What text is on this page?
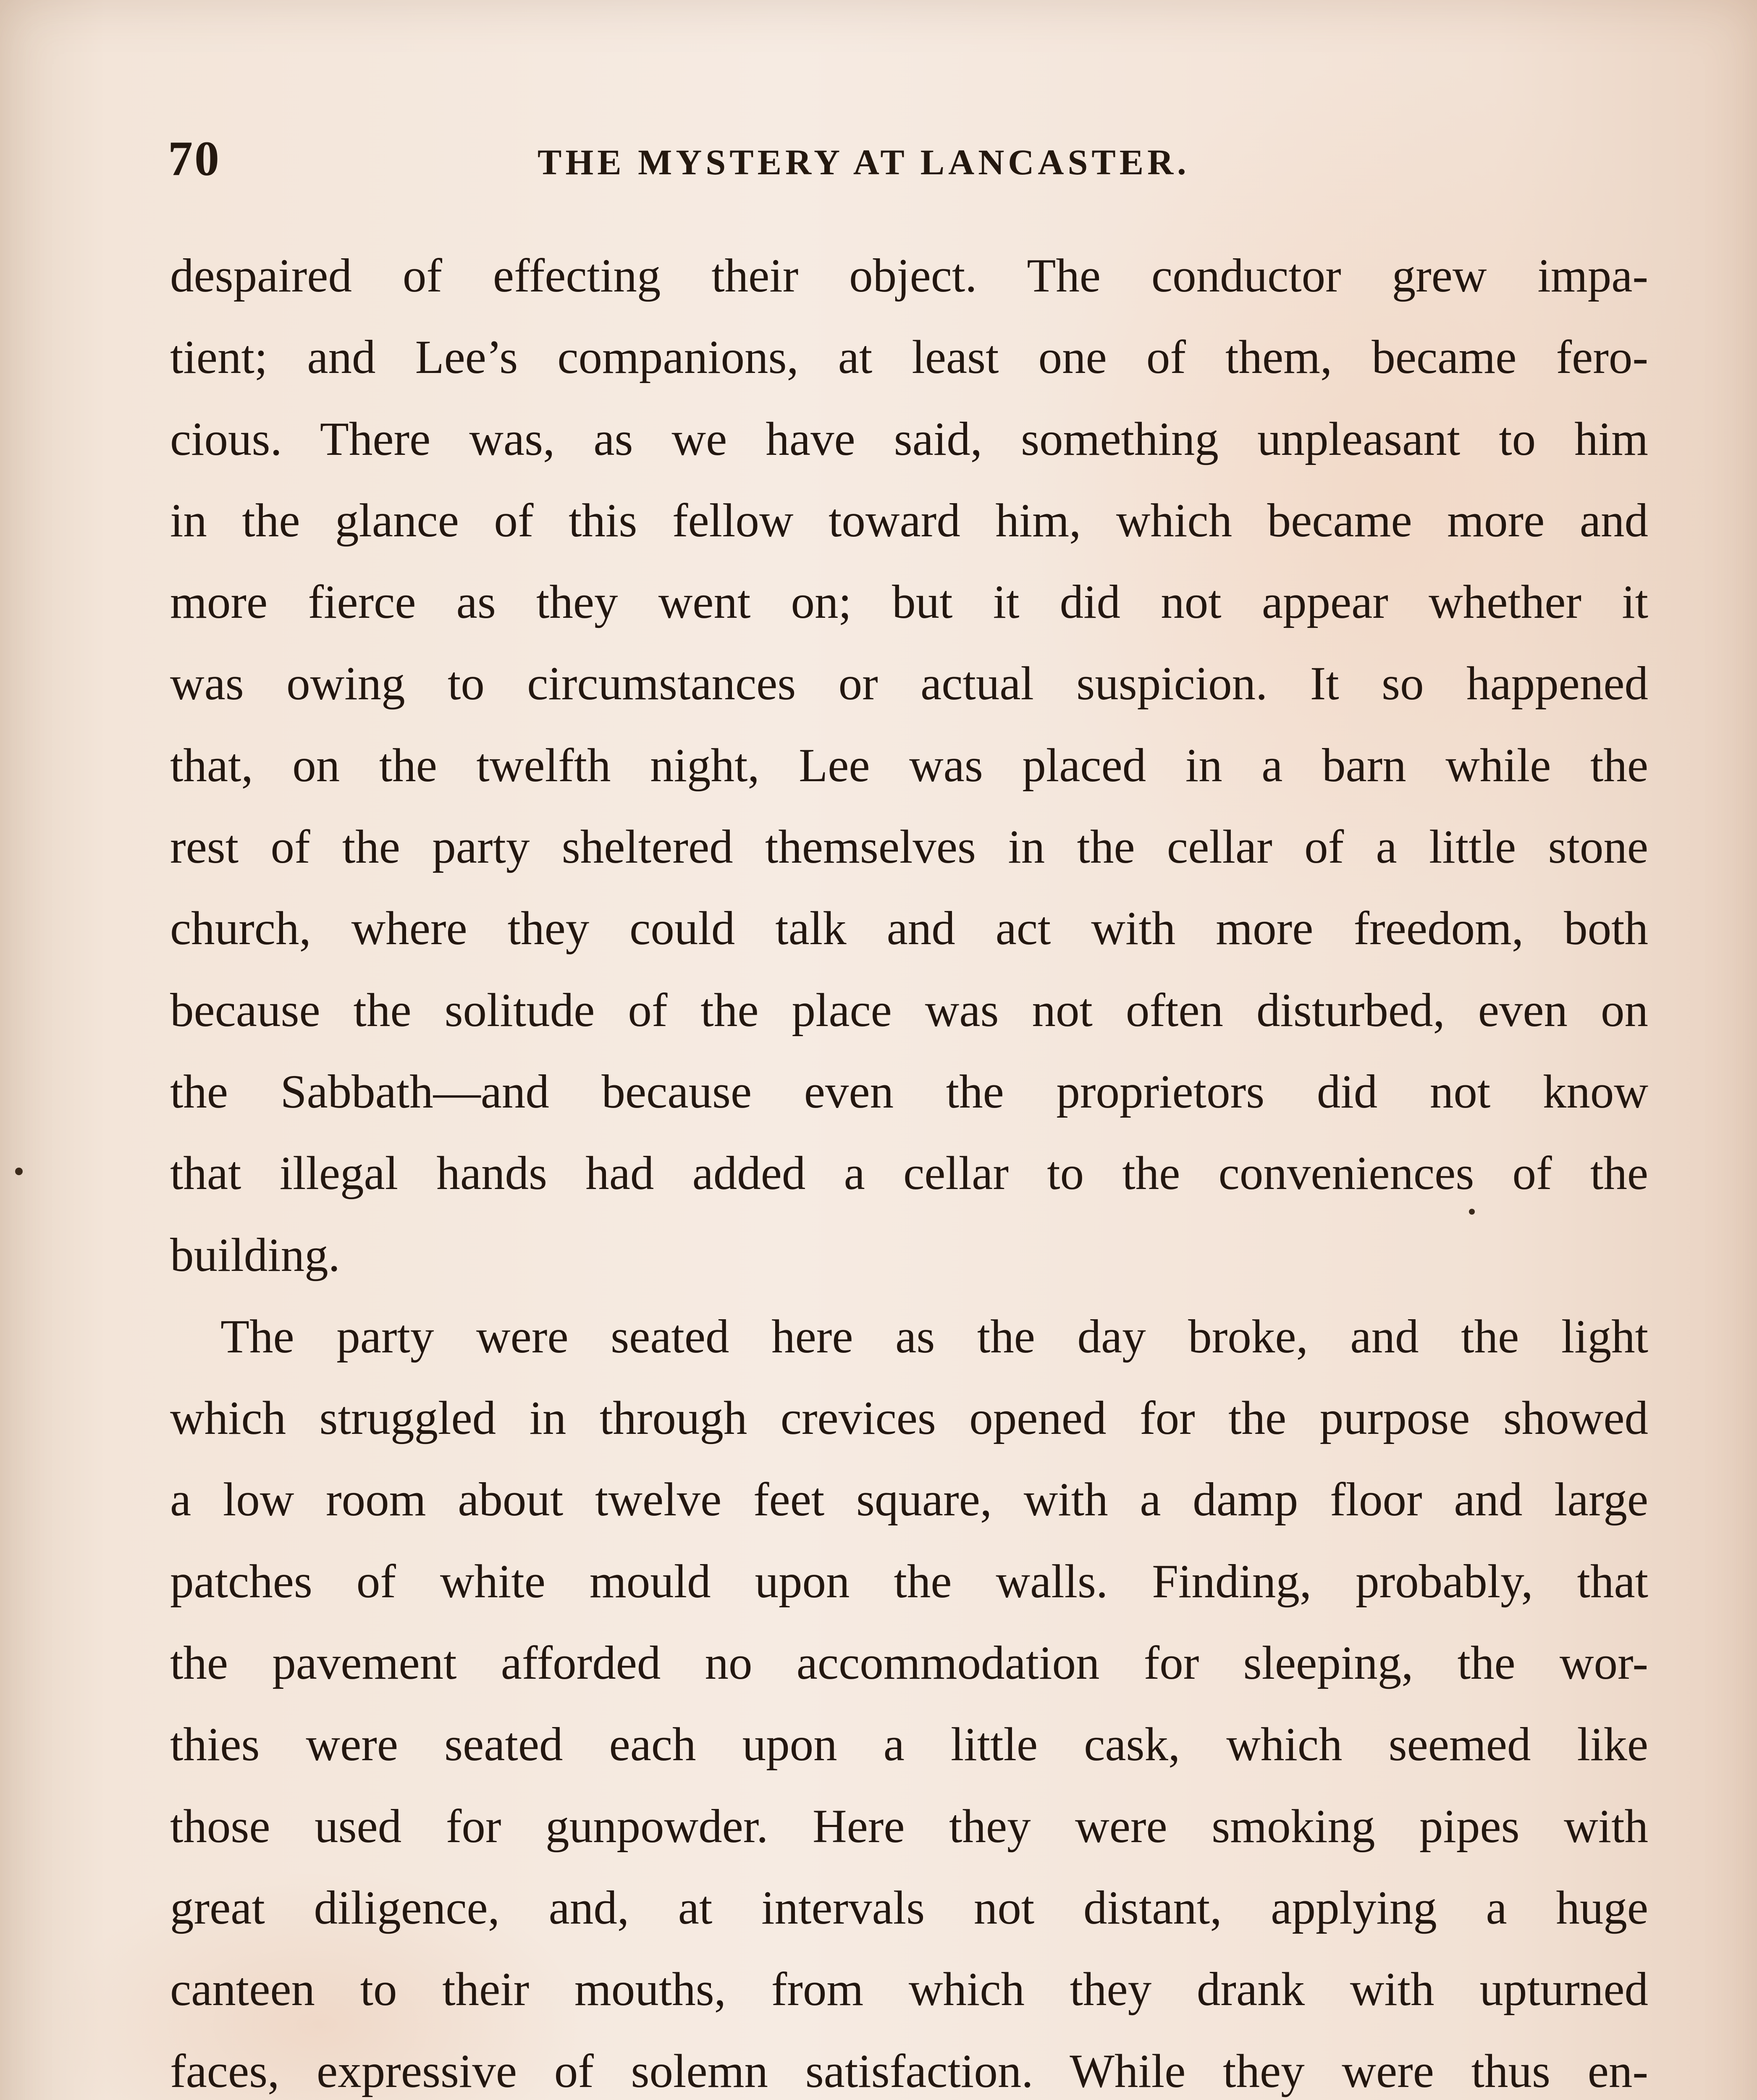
70	THE MYSTERY AT LANCASTER.

despaired of effecting their object. The conductor grew impa-

tient; and Lee’s companions, at least one of them, became fero-

cious. There was, as we have said, something unpleasant to him

in the glance of this fellow toward him, which became more and

more fierce as they went on; but it did not appear whether it

was owing to circumstances or actual suspicion. It so happened

that, on the twelfth night, Lee was placed in a barn while the

rest of the party sheltered themselves in the cellar of a little stone

church, where they could talk and act with more freedom, both

because the solitude of the place was not often disturbed, even on

the Sabbath—and because even the proprietors did not know

that illegal hands had added a cellar to the conveniences of the

building.

The party were seated here as the day broke, and the light

which struggled in through crevices opened for the purpose showed

a low room about twelve feet square, with a damp floor and large

patches of white mould upon the walls. Finding, probably, that

the pavement afforded no accommodation for sleeping, the wor-

thies were seated each upon a little cask, which seemed like

those used for gunpowder. Here they were smoking pipes with

great diligence, and, at intervals not distant, applying a huge

canteen to their mouths, from which they drank with upturned

faces, expressive of solemn satisfaction. While they were thus en-
